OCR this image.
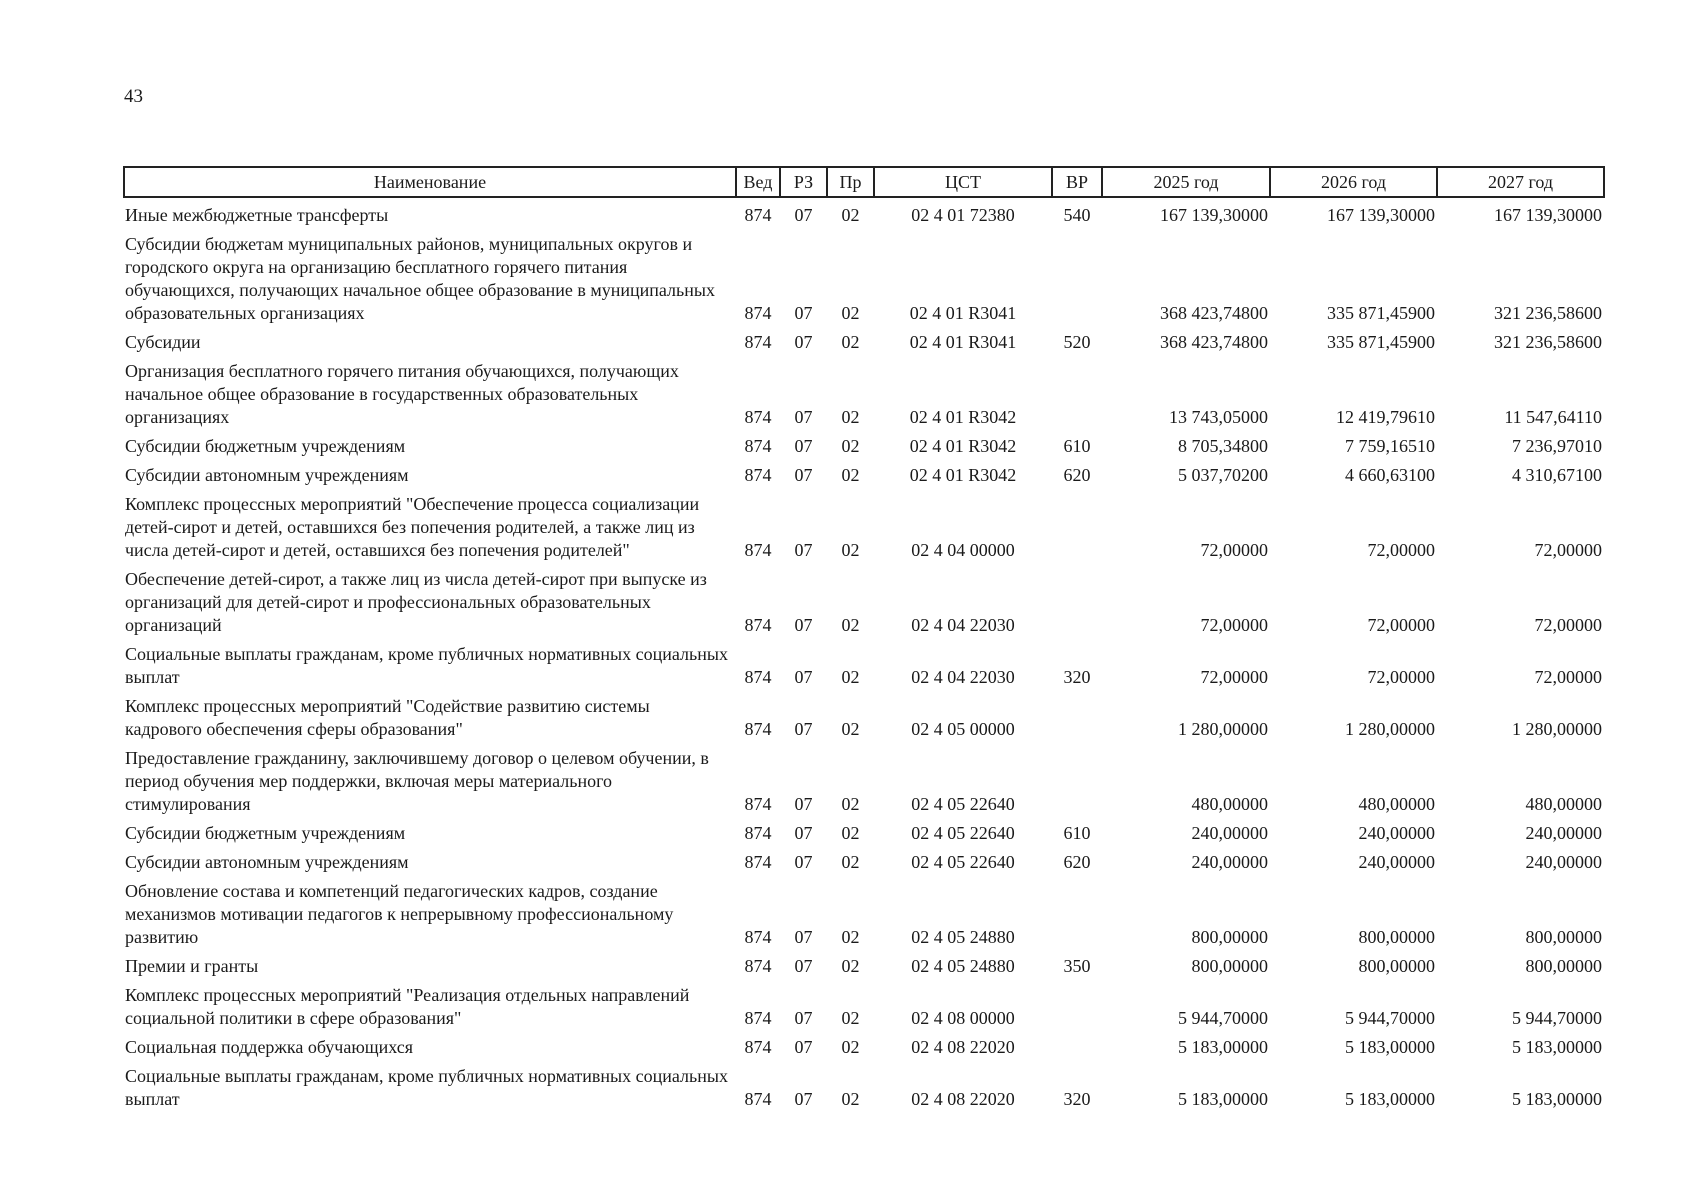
43
Наименование	Вед	РЗ	Пр	ЦСТ	ВР	2025 год	2026 год	2027 год

Иные межбюджетные трансферты	874	07	02	02 4 01 72380	540	167 139,30000	167 139,30000	167 139,30000
Субсидии бюджетам муниципальных районов, муниципальных округов и городского округа на организацию бесплатного горячего питания обучающихся, получающих начальное общее образование в муниципальных образовательных организациях	874	07	02	02 4 01 R3041		368 423,74800	335 871,45900	321 236,58600
Субсидии	874	07	02	02 4 01 R3041	520	368 423,74800	335 871,45900	321 236,58600
Организация бесплатного горячего питания обучающихся, получающих начальное общее образование в государственных образовательных организациях	874	07	02	02 4 01 R3042		13 743,05000	12 419,79610	11 547,64110
Субсидии бюджетным учреждениям	874	07	02	02 4 01 R3042	610	8 705,34800	7 759,16510	7 236,97010
Субсидии автономным учреждениям	874	07	02	02 4 01 R3042	620	5 037,70200	4 660,63100	4 310,67100
Комплекс процессных мероприятий "Обеспечение процесса социализации детей-сирот и детей, оставшихся без попечения родителей, а также лиц из числа детей-сирот и детей, оставшихся без попечения родителей"	874	07	02	02 4 04 00000		72,00000	72,00000	72,00000
Обеспечение детей-сирот, а также лиц из числа детей-сирот при выпуске из организаций для детей-сирот и профессиональных образовательных организаций	874	07	02	02 4 04 22030		72,00000	72,00000	72,00000
Социальные выплаты гражданам, кроме публичных нормативных социальных выплат	874	07	02	02 4 04 22030	320	72,00000	72,00000	72,00000
Комплекс процессных мероприятий "Содействие развитию системы кадрового обеспечения сферы образования"	874	07	02	02 4 05 00000		1 280,00000	1 280,00000	1 280,00000
Предоставление гражданину, заключившему договор о целевом обучении, в период обучения мер поддержки, включая меры материального стимулирования	874	07	02	02 4 05 22640		480,00000	480,00000	480,00000
Субсидии бюджетным учреждениям	874	07	02	02 4 05 22640	610	240,00000	240,00000	240,00000
Субсидии автономным учреждениям	874	07	02	02 4 05 22640	620	240,00000	240,00000	240,00000
Обновление состава и компетенций педагогических кадров, создание механизмов мотивации педагогов к непрерывному профессиональному развитию	874	07	02	02 4 05 24880		800,00000	800,00000	800,00000
Премии и гранты	874	07	02	02 4 05 24880	350	800,00000	800,00000	800,00000
Комплекс процессных мероприятий "Реализация отдельных направлений социальной политики в сфере образования"	874	07	02	02 4 08 00000		5 944,70000	5 944,70000	5 944,70000
Социальная поддержка обучающихся	874	07	02	02 4 08 22020		5 183,00000	5 183,00000	5 183,00000
Социальные выплаты гражданам, кроме публичных нормативных социальных выплат	874	07	02	02 4 08 22020	320	5 183,00000	5 183,00000	5 183,00000
